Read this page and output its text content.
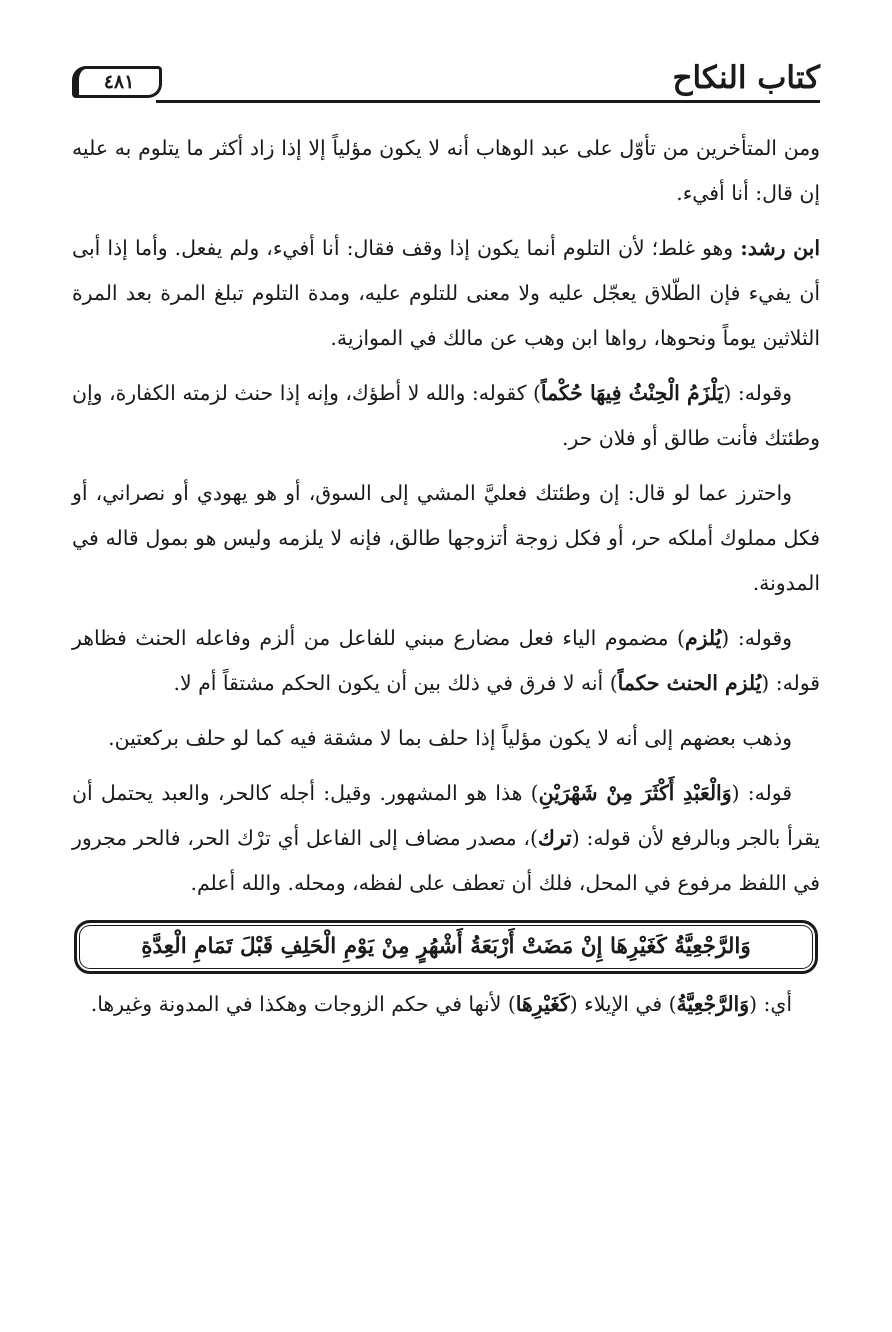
كتاب النكاح
٤٨١

ومن المتأخرين من تأوّل على عبد الوهاب أنه لا يكون مؤلياً إلا إذا زاد أكثر ما يتلوم به عليه إن قال: أنا أفيء.

ابن رشد: وهو غلط؛ لأن التلوم أنما يكون إذا وقف فقال: أنا أفيء، ولم يفعل. وأما إذا أبى أن يفيء فإن الطّلاق يعجّل عليه ولا معنى للتلوم عليه، ومدة التلوم تبلغ المرة بعد المرة الثلاثين يوماً ونحوها، رواها ابن وهب عن مالك في الموازية.

وقوله: (يَلْزَمُ الْحِنْثُ فِيهَا حُكْماً) كقوله: والله لا أطؤك، وإنه إذا حنث لزمته الكفارة، وإن وطئتك فأنت طالق أو فلان حر.

واحترز عما لو قال: إن وطئتك فعليَّ المشي إلى السوق، أو هو يهودي أو نصراني، أو فكل مملوك أملكه حر، أو فكل زوجة أتزوجها طالق، فإنه لا يلزمه وليس هو بمول قاله في المدونة.

وقوله: (يُلزم) مضموم الياء فعل مضارع مبني للفاعل من ألزم وفاعله الحنث فظاهر قوله: (يُلزم الحنث حكماً) أنه لا فرق في ذلك بين أن يكون الحكم مشتقاً أم لا.

وذهب بعضهم إلى أنه لا يكون مؤلياً إذا حلف بما لا مشقة فيه كما لو حلف بركعتين.

قوله: (وَالْعَبْدِ أَكْثَرَ مِنْ شَهْرَيْنِ) هذا هو المشهور. وقيل: أجله كالحر، والعبد يحتمل أن يقرأ بالجر وبالرفع لأن قوله: (ترك)، مصدر مضاف إلى الفاعل أي ترْك الحر، فالحر مجرور في اللفظ مرفوع في المحل، فلك أن تعطف على لفظه، ومحله. والله أعلم.

وَالرَّجْعِيَّةُ كَغَيْرِهَا إِنْ مَضَتْ أَرْبَعَةُ أَشْهُرٍ مِنْ يَوْمِ الْحَلِفِ قَبْلَ تَمَامِ الْعِدَّةِ

أي: (وَالرَّجْعِيَّةُ) في الإيلاء (كَغَيْرِهَا) لأنها في حكم الزوجات وهكذا في المدونة وغيرها.
